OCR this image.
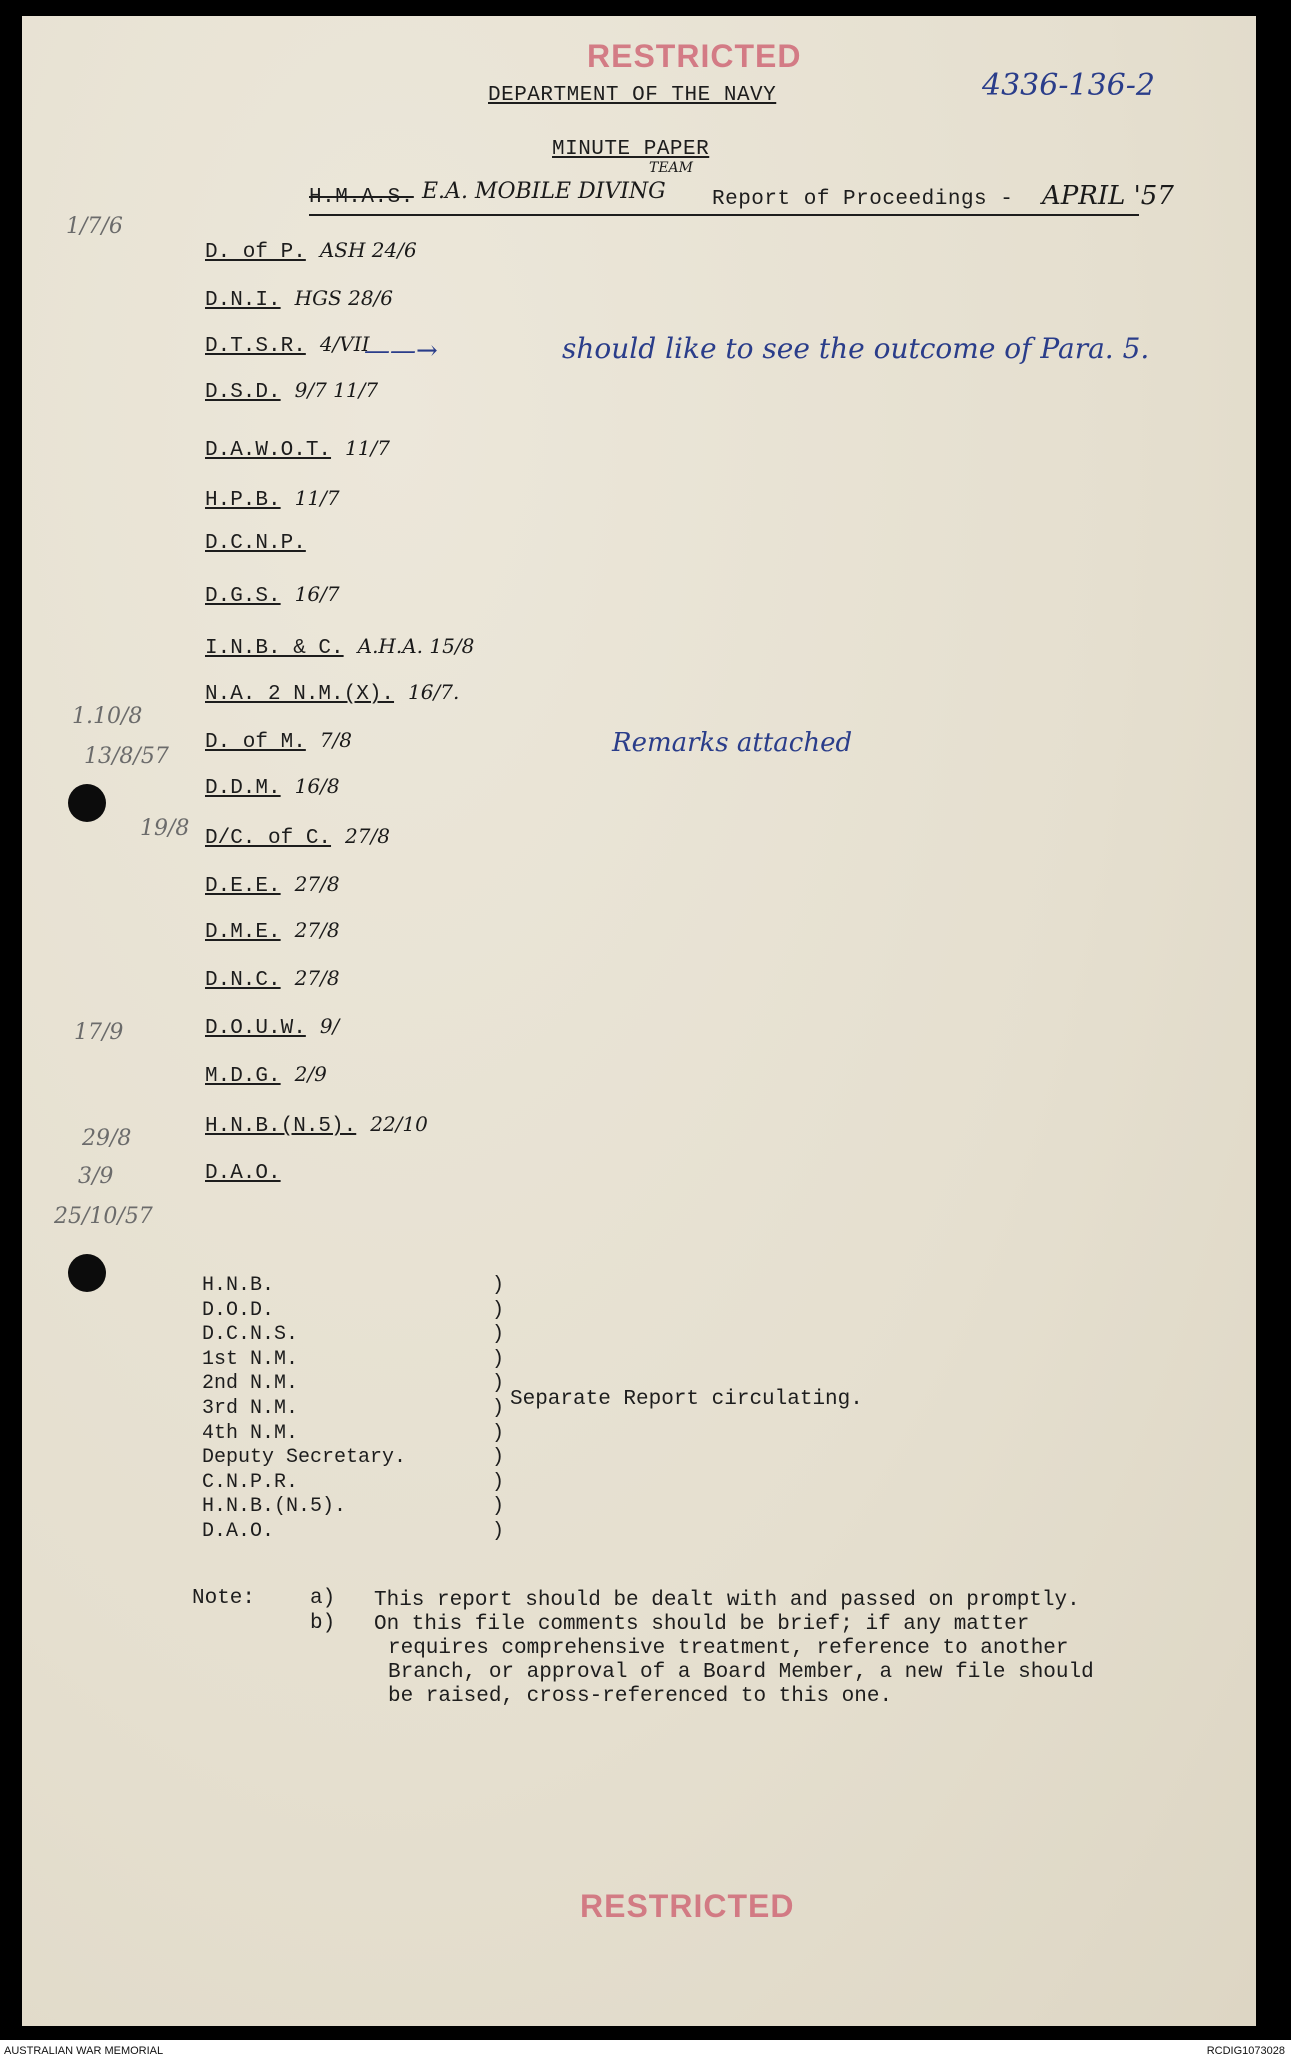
RESTRICTED
DEPARTMENT OF THE NAVY	4336-136-2
MINUTE PAPER
H.M.A.S. E.A. MOBILE DIVING
TEAM
Report of Proceedings - APRIL '57
D. of P. ASH 24/6
D.N.I. HGS 28/6
D.T.S.R. 4/VII
D.S.D. 9/7 11/7
D.A.W.O.T. 11/7
H.P.B. 11/7
D.C.N.P.
D.G.S. 16/7
I.N.B. & C. A.H.A. 15/8
N.A. 2 N.M.(X). 16/7.
D. of M. 7/8
D.D.M. 16/8
D/C. of C. 27/8
D.E.E. 27/8
D.M.E. 27/8
D.N.C. 27/8
D.O.U.W. 9/
M.D.G. 2/9
H.N.B.(N.5). 22/10
D.A.O.
1/7/6
1.10/8
13/8/57
19/8
17/9
29/8
3/9
25/10/57
——→	should like to see the outcome of Para. 5.
Remarks attached
H.N.B.	)
D.O.D.	)
D.C.N.S.	)
1st N.M.	)
2nd N.M.	)
3rd N.M.	)
4th N.M.	)
Deputy Secretary.	)
C.N.P.R.	)
H.N.B.(N.5).	)
D.A.O.	)
Separate Report circulating.
Note:	a) This report should be dealt with and passed on promptly.
b) On this file comments should be brief; if any matter
requires comprehensive treatment, reference to another
Branch, or approval of a Board Member, a new file should
be raised, cross-referenced to this one.
RESTRICTED
AUSTRALIAN WAR MEMORIAL	RCDIG1073028
